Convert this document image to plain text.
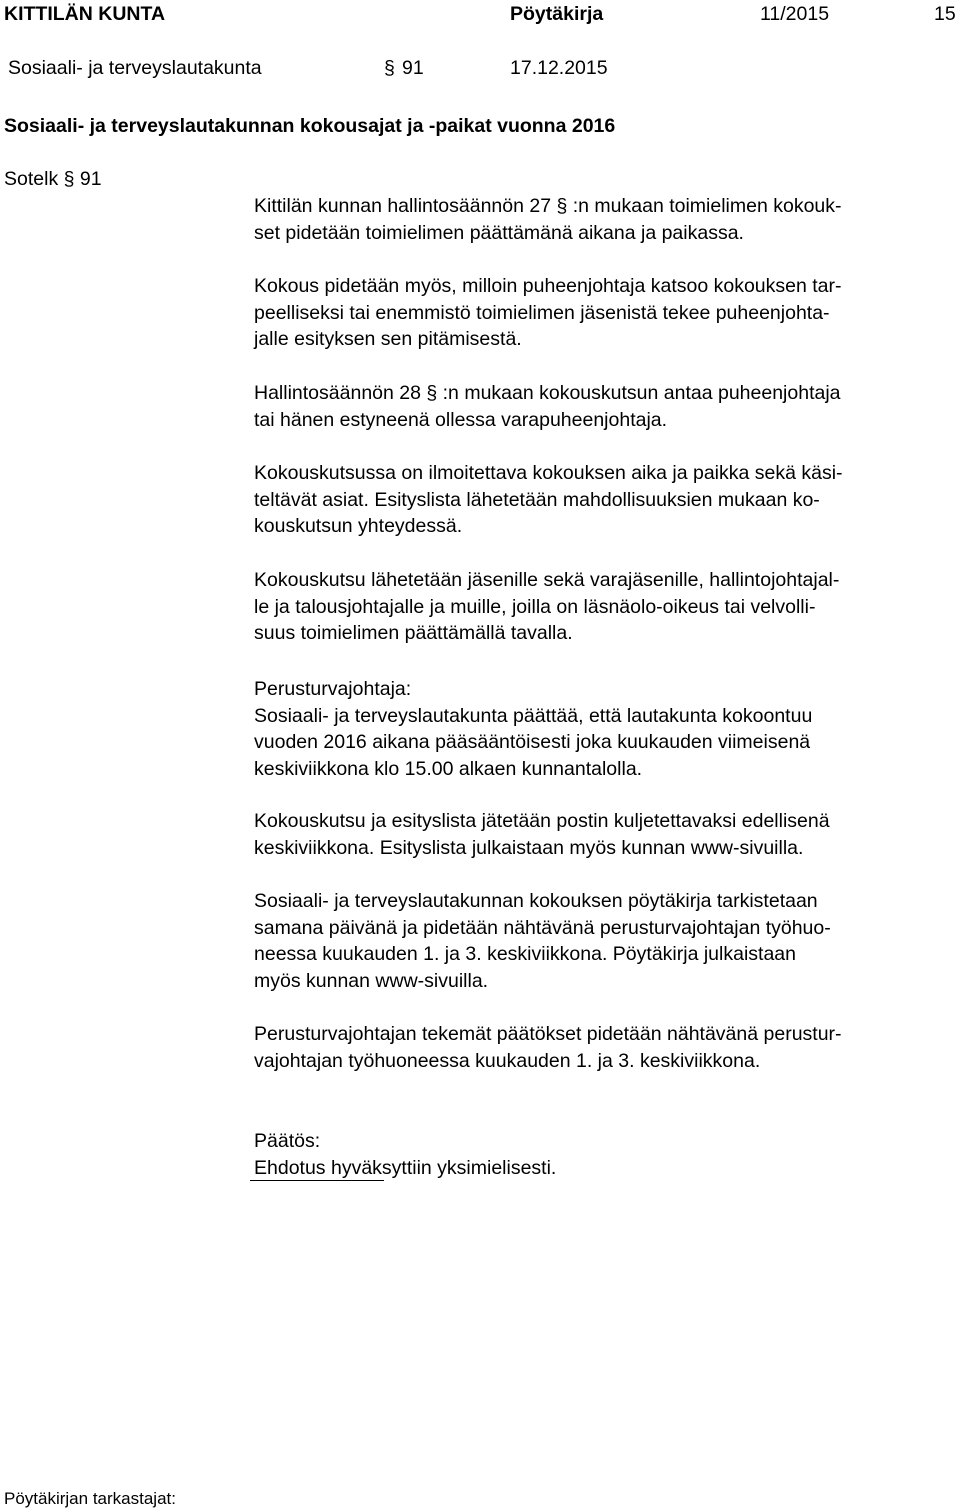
KITTILÄN KUNTA	Pöytäkirja	11/2015	15
Sosiaali- ja terveyslautakunta	§ 91	17.12.2015
Sosiaali- ja terveyslautakunnan kokousajat ja -paikat vuonna 2016
Sotelk § 91

Kittilän kunnan hallintosäännön 27 § :n mukaan toimielimen kokouk-
set pidetään toimielimen päättämänä aikana ja paikassa.

Kokous pidetään myös, milloin puheenjohtaja katsoo kokouksen tar-
peelliseksi tai enemmistö toimielimen jäsenistä tekee puheenjohta-
jalle esityksen sen pitämisestä.

Hallintosäännön 28 § :n mukaan kokouskutsun antaa puheenjohtaja
tai hänen estyneenä ollessa varapuheenjohtaja.

Kokouskutsussa on ilmoitettava kokouksen aika ja paikka sekä käsi-
teltävät asiat. Esityslista lähetetään mahdollisuuksien mukaan ko-
kouskutsun yhteydessä.

Kokouskutsu lähetetään jäsenille sekä varajäsenille, hallintojohtajal-
le ja talousjohtajalle ja muille, joilla on läsnäolo-oikeus tai velvolli-
suus toimielimen päättämällä tavalla.

Perusturvajohtaja:
Sosiaali- ja terveyslautakunta päättää, että lautakunta kokoontuu
vuoden 2016 aikana pääsääntöisesti joka kuukauden viimeisenä
keskiviikkona klo 15.00 alkaen kunnantalolla.

Kokouskutsu ja esityslista jätetään postin kuljetettavaksi edellisenä
keskiviikkona. Esityslista julkaistaan myös kunnan www-sivuilla.

Sosiaali- ja terveyslautakunnan kokouksen pöytäkirja tarkistetaan
samana päivänä ja pidetään nähtävänä perusturvajohtajan työhuo-
neessa kuukauden 1. ja 3. keskiviikkona. Pöytäkirja julkaistaan
myös kunnan www-sivuilla.

Perusturvajohtajan tekemät päätökset pidetään nähtävänä perustur-
vajohtajan työhuoneessa kuukauden 1. ja 3. keskiviikkona.

Päätös:
Ehdotus hyväksyttiin yksimielisesti.

Pöytäkirjan tarkastajat:
